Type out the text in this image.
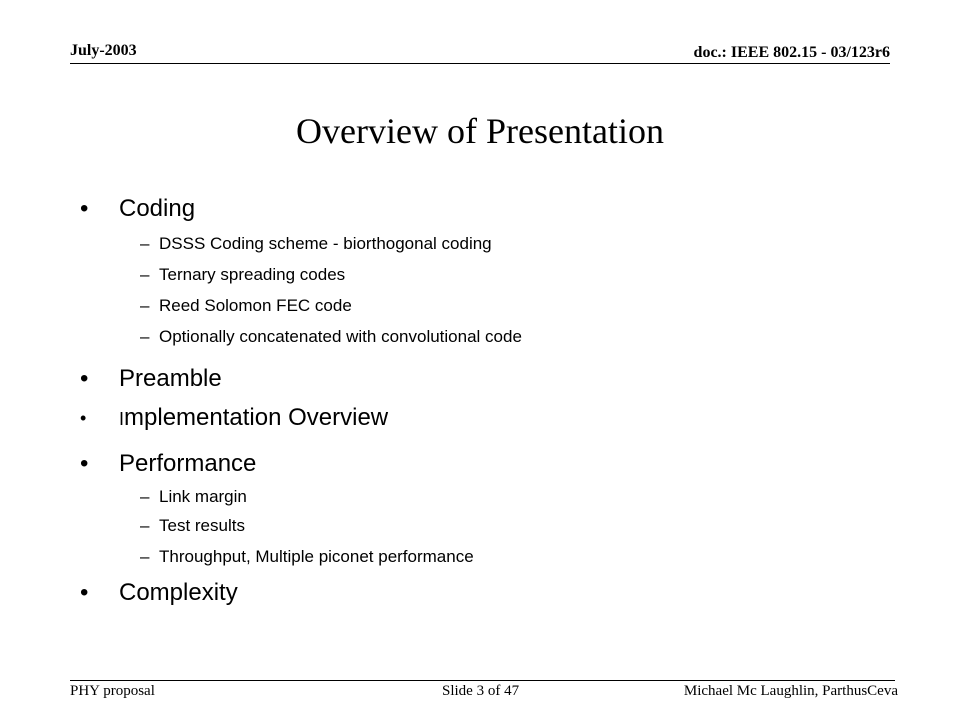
July-2003	doc.: IEEE 802.15 - 03/123r6
Overview of Presentation
• Coding
– DSSS Coding scheme - biorthogonal coding
– Ternary spreading codes
– Reed Solomon FEC code
– Optionally concatenated with convolutional code
• Preamble
• Implementation Overview
• Performance
– Link margin
– Test results
– Throughput, Multiple piconet performance
• Complexity
PHY proposal	Slide 3 of 47	Michael Mc Laughlin, ParthusCeva
